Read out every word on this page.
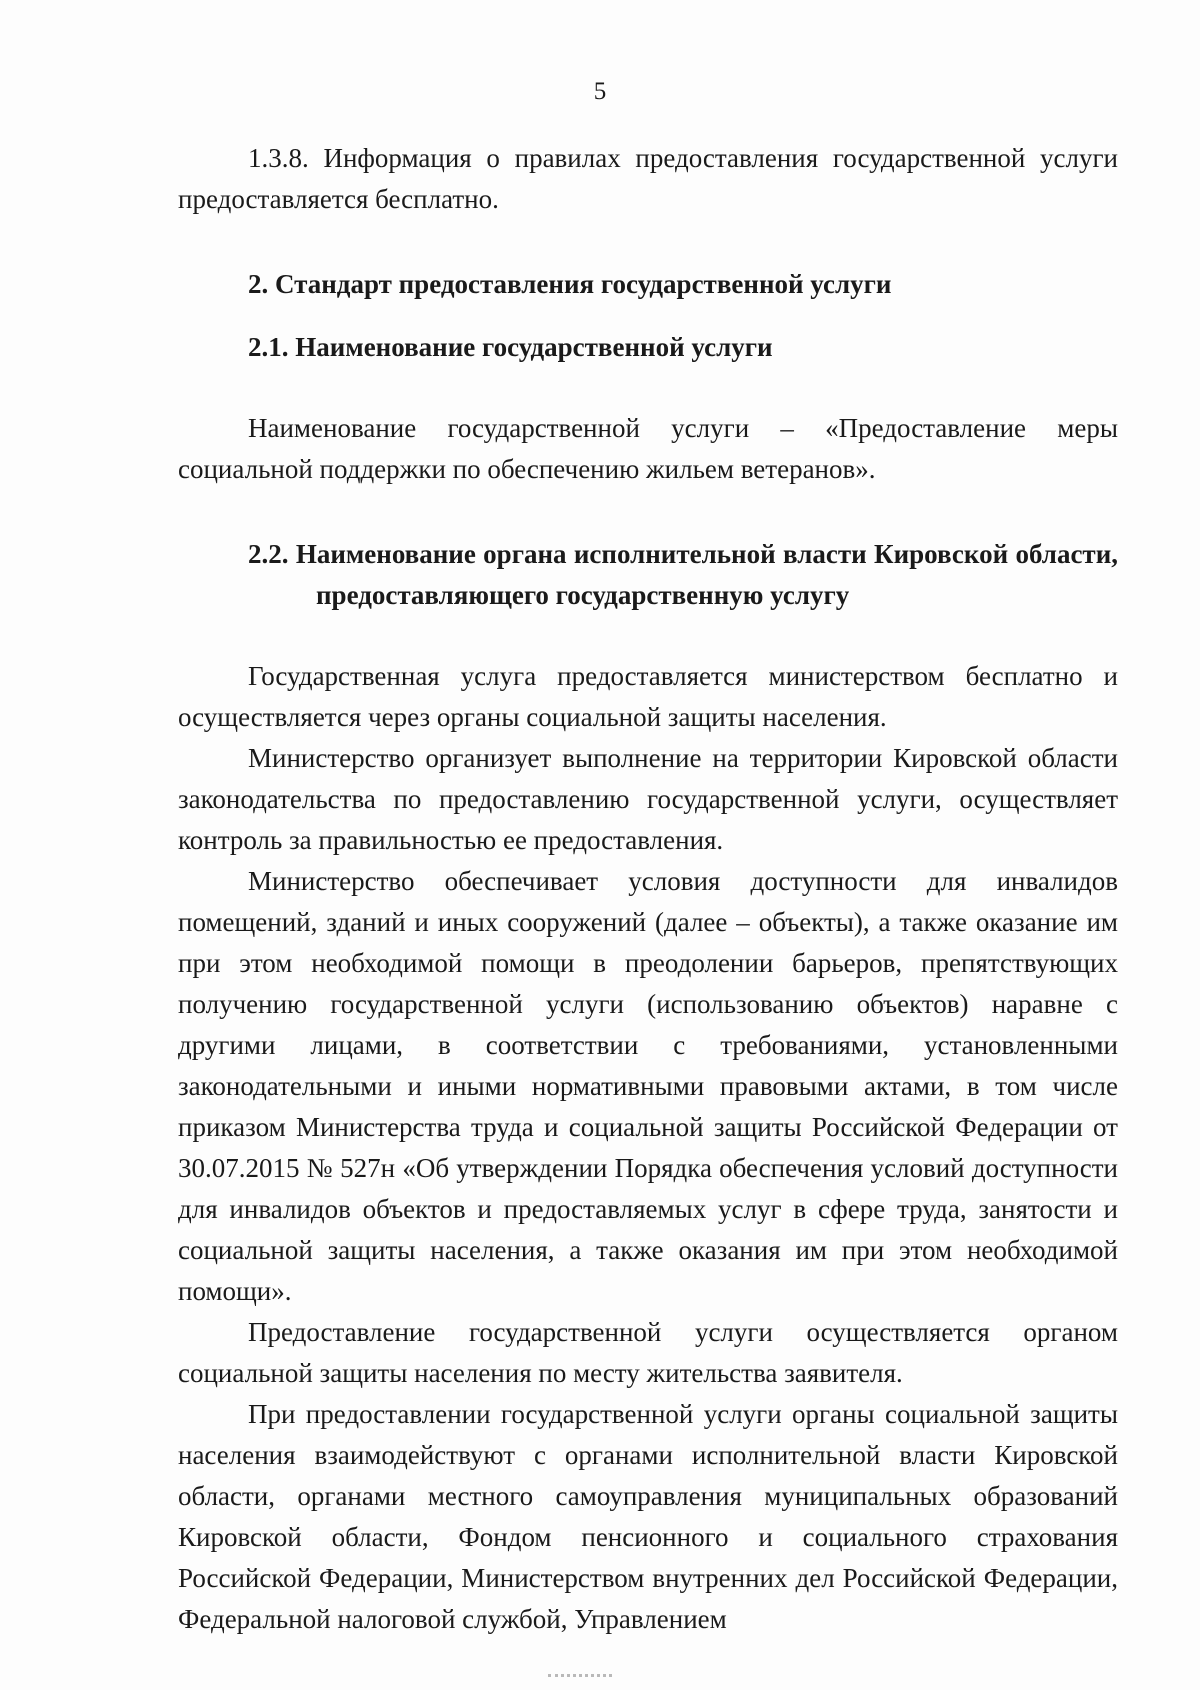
5

1.3.8. Информация о правилах предоставления государственной услуги предоставляется бесплатно.

2. Стандарт предоставления государственной услуги

2.1. Наименование государственной услуги

Наименование государственной услуги – «Предоставление меры социальной поддержки по обеспечению жильем ветеранов».

2.2. Наименование органа исполнительной власти Кировской области, предоставляющего государственную услугу

Государственная услуга предоставляется министерством бесплатно и осуществляется через органы социальной защиты населения.

Министерство организует выполнение на территории Кировской области законодательства по предоставлению государственной услуги, осуществляет контроль за правильностью ее предоставления.

Министерство обеспечивает условия доступности для инвалидов помещений, зданий и иных сооружений (далее – объекты), а также оказание им при этом необходимой помощи в преодолении барьеров, препятствующих получению государственной услуги (использованию объектов) наравне с другими лицами, в соответствии с требованиями, установленными законодательными и иными нормативными правовыми актами, в том числе приказом Министерства труда и социальной защиты Российской Федерации от 30.07.2015 № 527н «Об утверждении Порядка обеспечения условий доступности для инвалидов объектов и предоставляемых услуг в сфере труда, занятости и социальной защиты населения, а также оказания им при этом необходимой помощи».

Предоставление государственной услуги осуществляется органом социальной защиты населения по месту жительства заявителя.

При предоставлении государственной услуги органы социальной защиты населения взаимодействуют с органами исполнительной власти Кировской области, органами местного самоуправления муниципальных образований Кировской области, Фондом пенсионного и социального страхования Российской Федерации, Министерством внутренних дел Российской Федерации, Федеральной налоговой службой, Управлением
